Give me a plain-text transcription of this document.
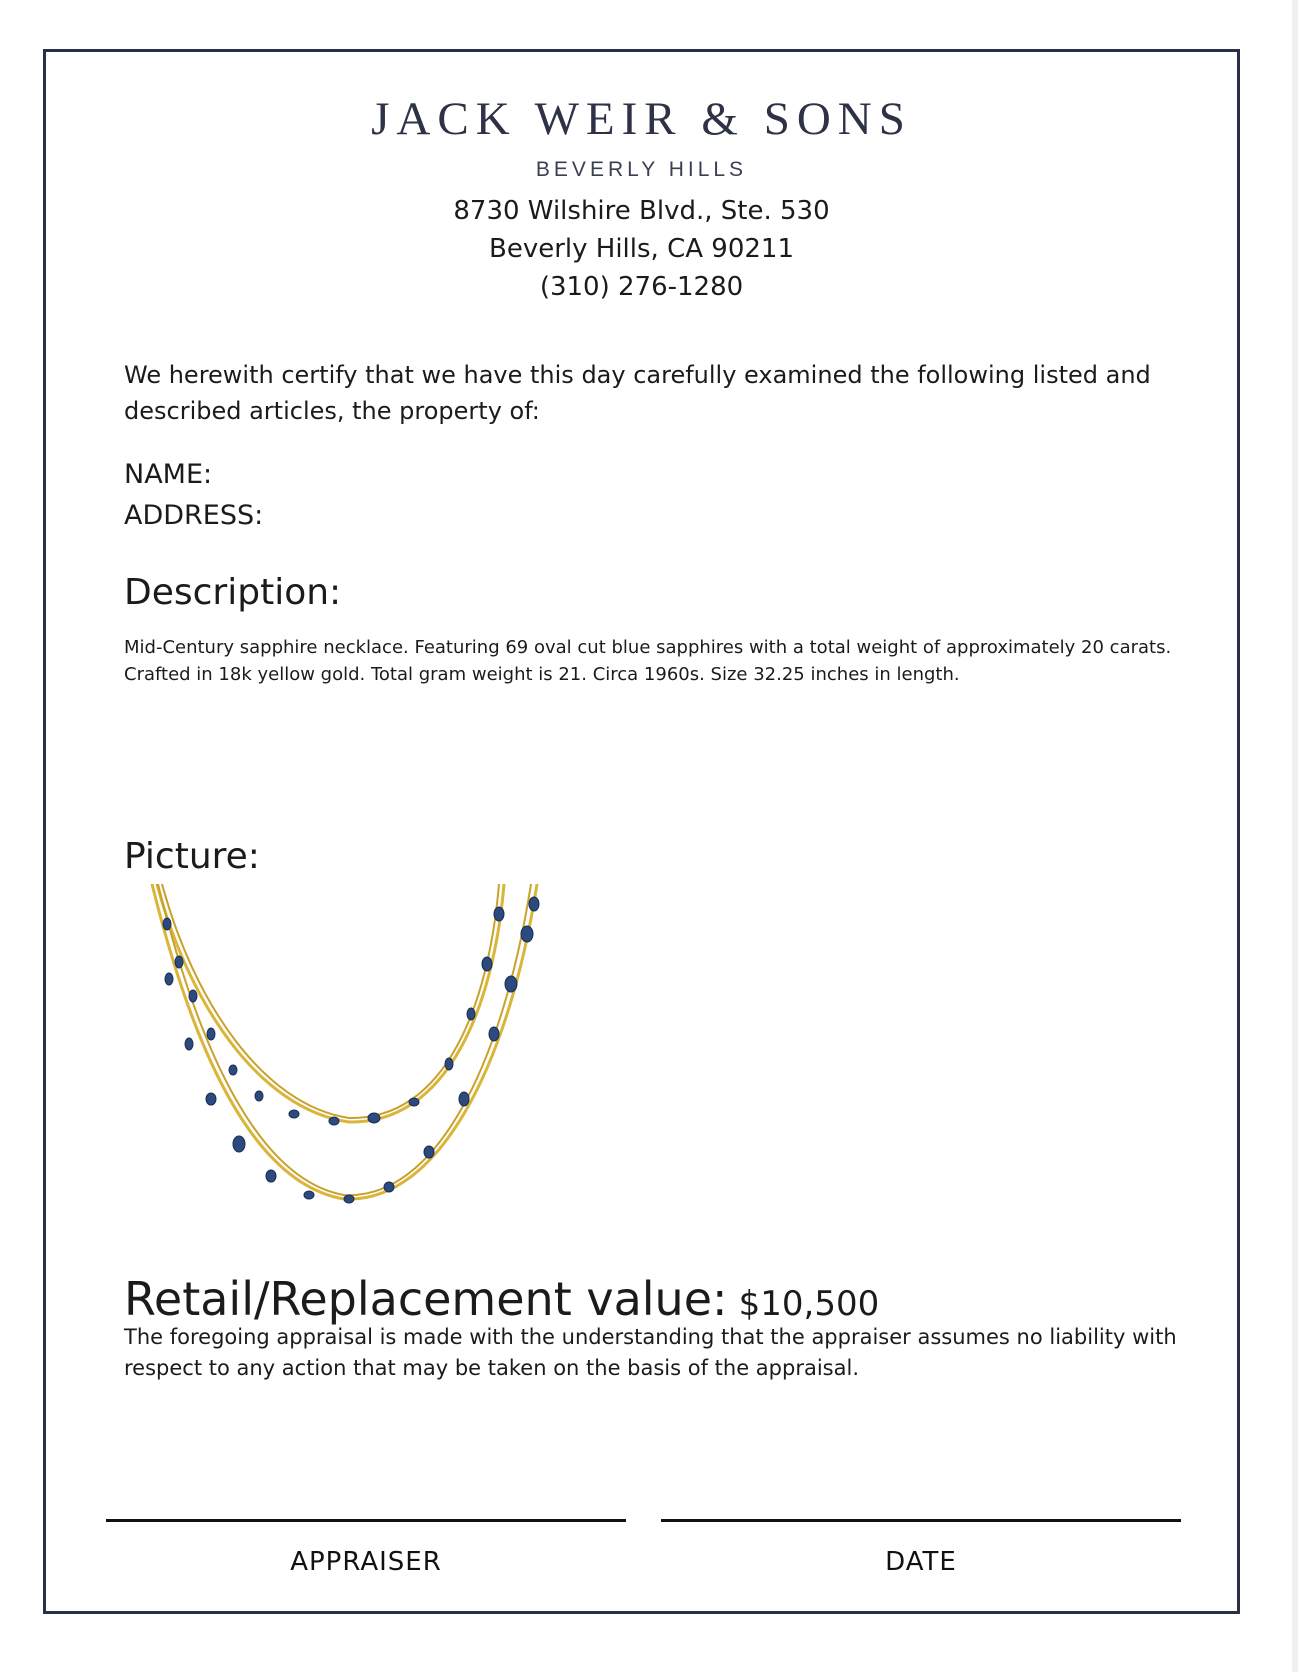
JACK WEIR & SONS
BEVERLY HILLS
8730 Wilshire Blvd., Ste. 530
Beverly Hills, CA 90211
(310) 276-1280
We herewith certify that we have this day carefully examined the following listed and described articles, the property of:
NAME:
ADDRESS:
Description:
Mid-Century sapphire necklace. Featuring 69 oval cut blue sapphires with a total weight of approximately 20 carats. Crafted in 18k yellow gold. Total gram weight is 21. Circa 1960s. Size 32.25 inches in length.
Picture:
Retail/Replacement value: $10,500
The foregoing appraisal is made with the understanding that the appraiser assumes no liability with respect to any action that may be taken on the basis of the appraisal.
APPRAISER	DATE
